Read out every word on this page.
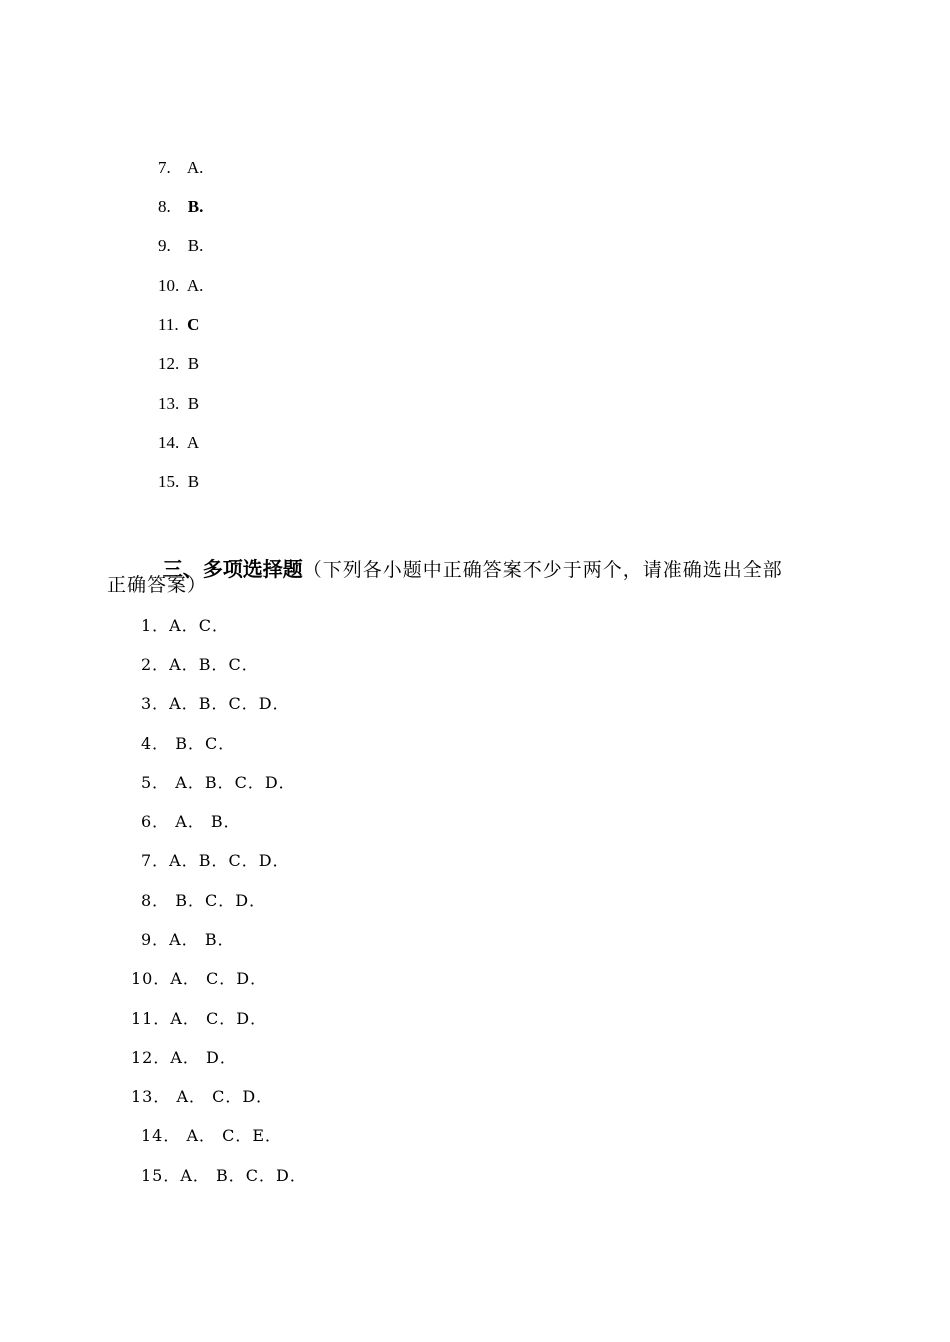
7. A.

8. B.

9. B.

10. A.

11. C

12. B

13. B

14. A

15. B

三、多项选择题（下列各小题中正确答案不少于两个，请准确选出全部

正确答案）
1．A．C．
2．A．B．C．
3．A．B．C．D．
4． B．C．
5． A．B．C．D．
6． A． B．
7．A．B．C．D．
8． B．C．D．
9．A． B．
10．A． C．D．
11．A． C．D．
12．A． D．
13． A． C．D．
14． A． C．E．
15．A． B．C．D．
